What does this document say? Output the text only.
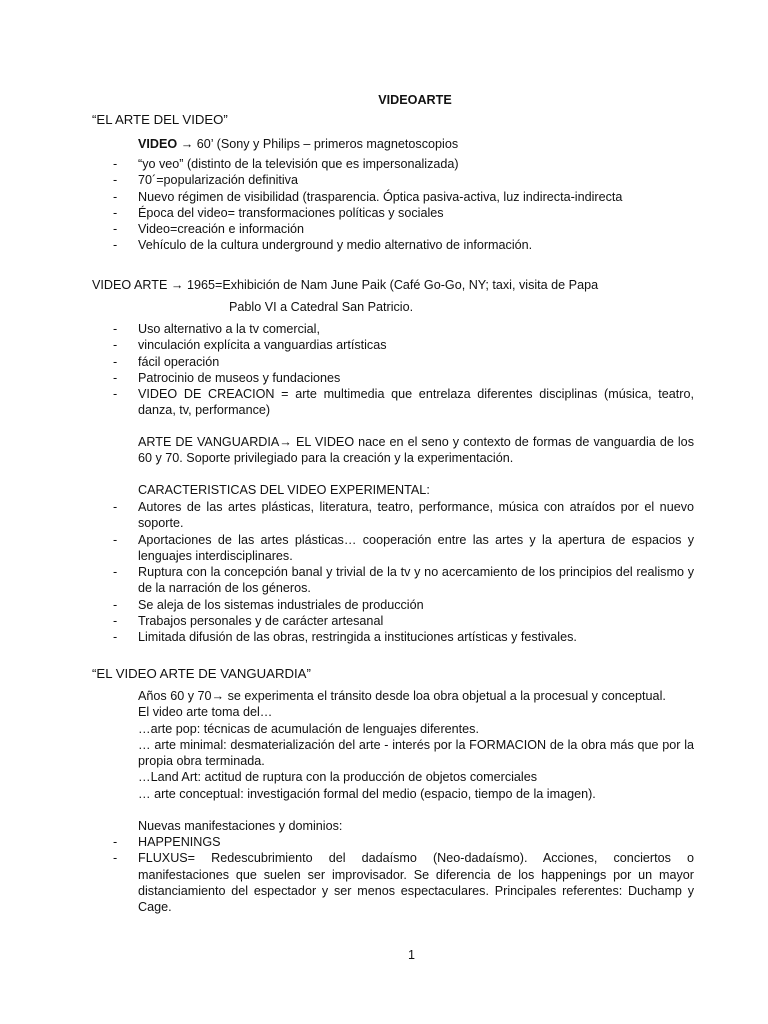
VIDEOARTE
“EL ARTE DEL VIDEO”
VIDEO → 60’ (Sony y Philips – primeros magnetoscopios
- “yo veo” (distinto de la televisión que es impersonalizada)
- 70´=popularización definitiva
- Nuevo régimen de visibilidad (trasparencia. Óptica pasiva-activa, luz indirecta-indirecta
- Época del video= transformaciones políticas y sociales
- Video=creación e información
- Vehículo de la cultura underground y medio alternativo de información.
VIDEO ARTE → 1965=Exhibición de Nam June Paik (Café Go-Go, NY; taxi, visita de Papa
Pablo VI a Catedral San Patricio.
- Uso alternativo a la tv comercial,
- vinculación explícita a vanguardias artísticas
- fácil operación
- Patrocinio de museos y fundaciones
- VIDEO DE CREACION = arte multimedia que entrelaza diferentes disciplinas (música, teatro, danza, tv, performance)
ARTE DE VANGUARDIA→ EL VIDEO nace en el seno y contexto de formas de vanguardia de los 60 y 70. Soporte privilegiado para la creación y la experimentación.
CARACTERISTICAS DEL VIDEO EXPERIMENTAL:
- Autores de las artes plásticas, literatura, teatro, performance, música con atraídos por el nuevo soporte.
- Aportaciones de las artes plásticas… cooperación entre las artes y la apertura de espacios y lenguajes interdisciplinares.
- Ruptura con la concepción banal y trivial de la tv y no acercamiento de los principios del realismo y de la narración de los géneros.
- Se aleja de los sistemas industriales de producción
- Trabajos personales y de carácter artesanal
- Limitada difusión de las obras, restringida a instituciones artísticas y festivales.
“EL VIDEO ARTE DE VANGUARDIA”
Años 60 y 70→ se experimenta el tránsito desde loa obra objetual a la procesual y conceptual.
El video arte toma del…
…arte pop: técnicas de acumulación de lenguajes diferentes.
… arte minimal: desmaterialización del arte - interés por la FORMACION de la obra más que por la propia obra terminada.
…Land Art: actitud de ruptura con la producción de objetos comerciales
… arte conceptual: investigación formal del medio (espacio, tiempo de la imagen).
Nuevas manifestaciones y dominios:
- HAPPENINGS
- FLUXUS= Redescubrimiento del dadaísmo (Neo-dadaísmo). Acciones, conciertos o manifestaciones que suelen ser improvisador. Se diferencia de los happenings por un mayor distanciamiento del espectador y ser menos espectaculares. Principales referentes: Duchamp y Cage.
1
